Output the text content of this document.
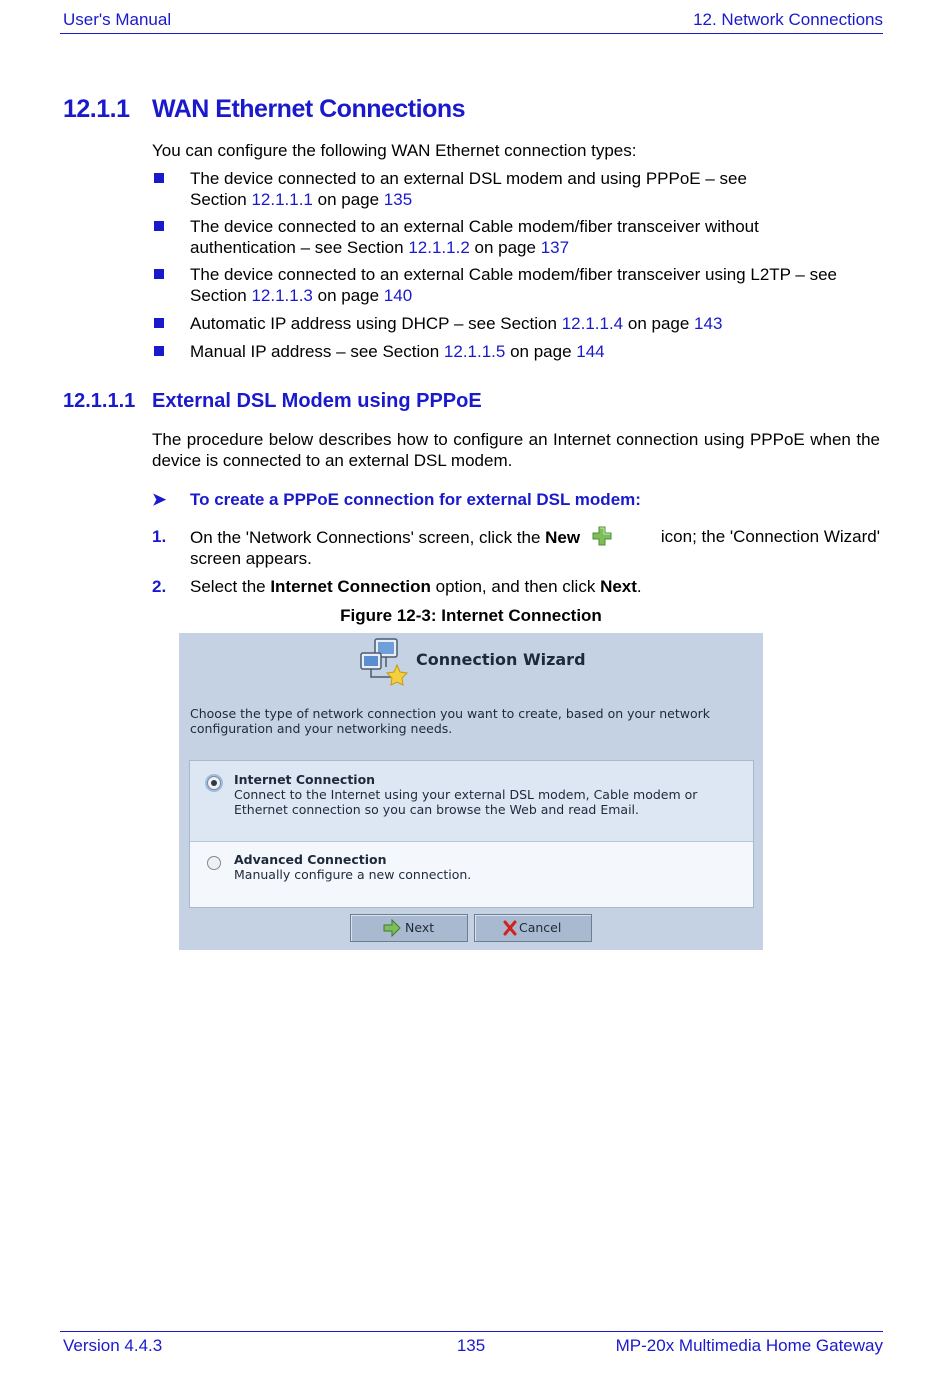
User's Manual	12. Network Connections
12.1.1 WAN Ethernet Connections
You can configure the following WAN Ethernet connection types:
The device connected to an external DSL modem and using PPPoE – see
Section 12.1.1.1 on page 135
The device connected to an external Cable modem/fiber transceiver without
authentication – see Section 12.1.1.2 on page 137
The device connected to an external Cable modem/fiber transceiver using L2TP – see
Section 12.1.1.3 on page 140
Automatic IP address using DHCP – see Section 12.1.1.4 on page 143
Manual IP address – see Section 12.1.1.5 on page 144
12.1.1.1 External DSL Modem using PPPoE
The procedure below describes how to configure an Internet connection using PPPoE when the device is connected to an external DSL modem.
➤ To create a PPPoE connection for external DSL modem:
1. On the 'Network Connections' screen, click the New	icon; the 'Connection Wizard'
screen appears.
2. Select the Internet Connection option, and then click Next.
Figure 12-3: Internet Connection
Connection Wizard
Choose the type of network connection you want to create, based on your network configuration and your networking needs.
Internet Connection
Connect to the Internet using your external DSL modem, Cable modem or
Ethernet connection so you can browse the Web and read Email.
Advanced Connection
Manually configure a new connection.
Next	Cancel
Version 4.4.3	135	MP-20x Multimedia Home Gateway
